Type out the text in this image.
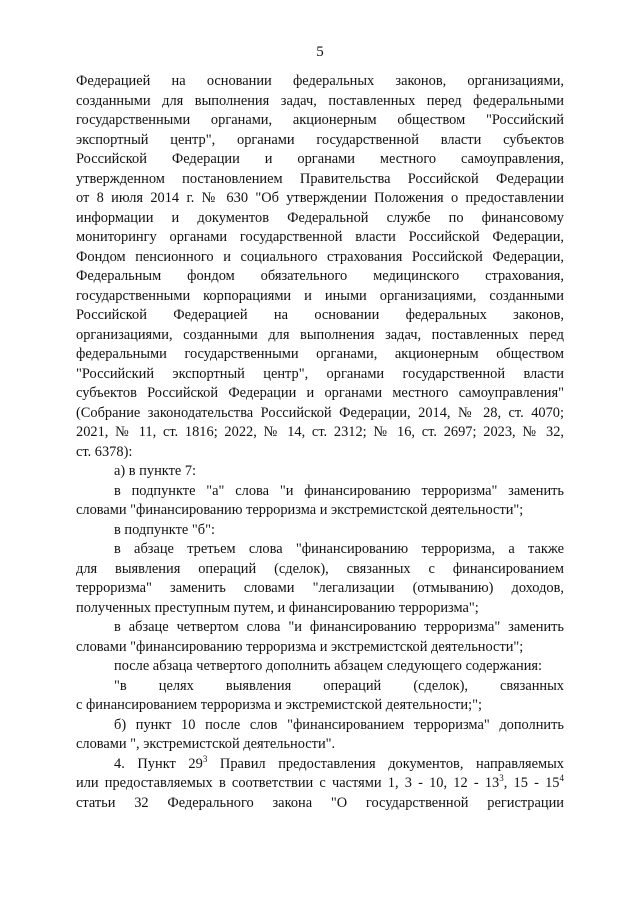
5
Федерацией на основании федеральных законов, организациями,
созданными для выполнения задач, поставленных перед федеральными
государственными органами, акционерным обществом "Российский
экспортный центр", органами государственной власти субъектов
Российской Федерации и органами местного самоуправления,
утвержденном постановлением Правительства Российской Федерации
от 8 июля 2014 г. № 630 "Об утверждении Положения о предоставлении
информации и документов Федеральной службе по финансовому
мониторингу органами государственной власти Российской Федерации,
Фондом пенсионного и социального страхования Российской Федерации,
Федеральным фондом обязательного медицинского страхования,
государственными корпорациями и иными организациями, созданными
Российской Федерацией на основании федеральных законов,
организациями, созданными для выполнения задач, поставленных перед
федеральными государственными органами, акционерным обществом
"Российский экспортный центр", органами государственной власти
субъектов Российской Федерации и органами местного самоуправления"
(Собрание законодательства Российской Федерации, 2014, № 28, ст. 4070;
2021, № 11, ст. 1816; 2022, № 14, ст. 2312; № 16, ст. 2697; 2023, № 32,
ст. 6378):
а) в пункте 7:
в подпункте "а" слова "и финансированию терроризма" заменить
словами "финансированию терроризма и экстремистской деятельности";
в подпункте "б":
в абзаце третьем слова "финансированию терроризма, а также
для выявления операций (сделок), связанных с финансированием
терроризма" заменить словами "легализации (отмыванию) доходов,
полученных преступным путем, и финансированию терроризма";
в абзаце четвертом слова "и финансированию терроризма" заменить
словами "финансированию терроризма и экстремистской деятельности";
после абзаца четвертого дополнить абзацем следующего содержания:
"в целях выявления операций (сделок), связанных
с финансированием терроризма и экстремистской деятельности;";
б) пункт 10 после слов "финансированием терроризма" дополнить
словами ", экстремистской деятельности".
4. Пункт $29^3$ Правил предоставления документов, направляемых
или предоставляемых в соответствии с частями 1, 3 - 10, $12 - 13^3$, $15 - 15^4$
статьи 32 Федерального закона "О государственной регистрации
